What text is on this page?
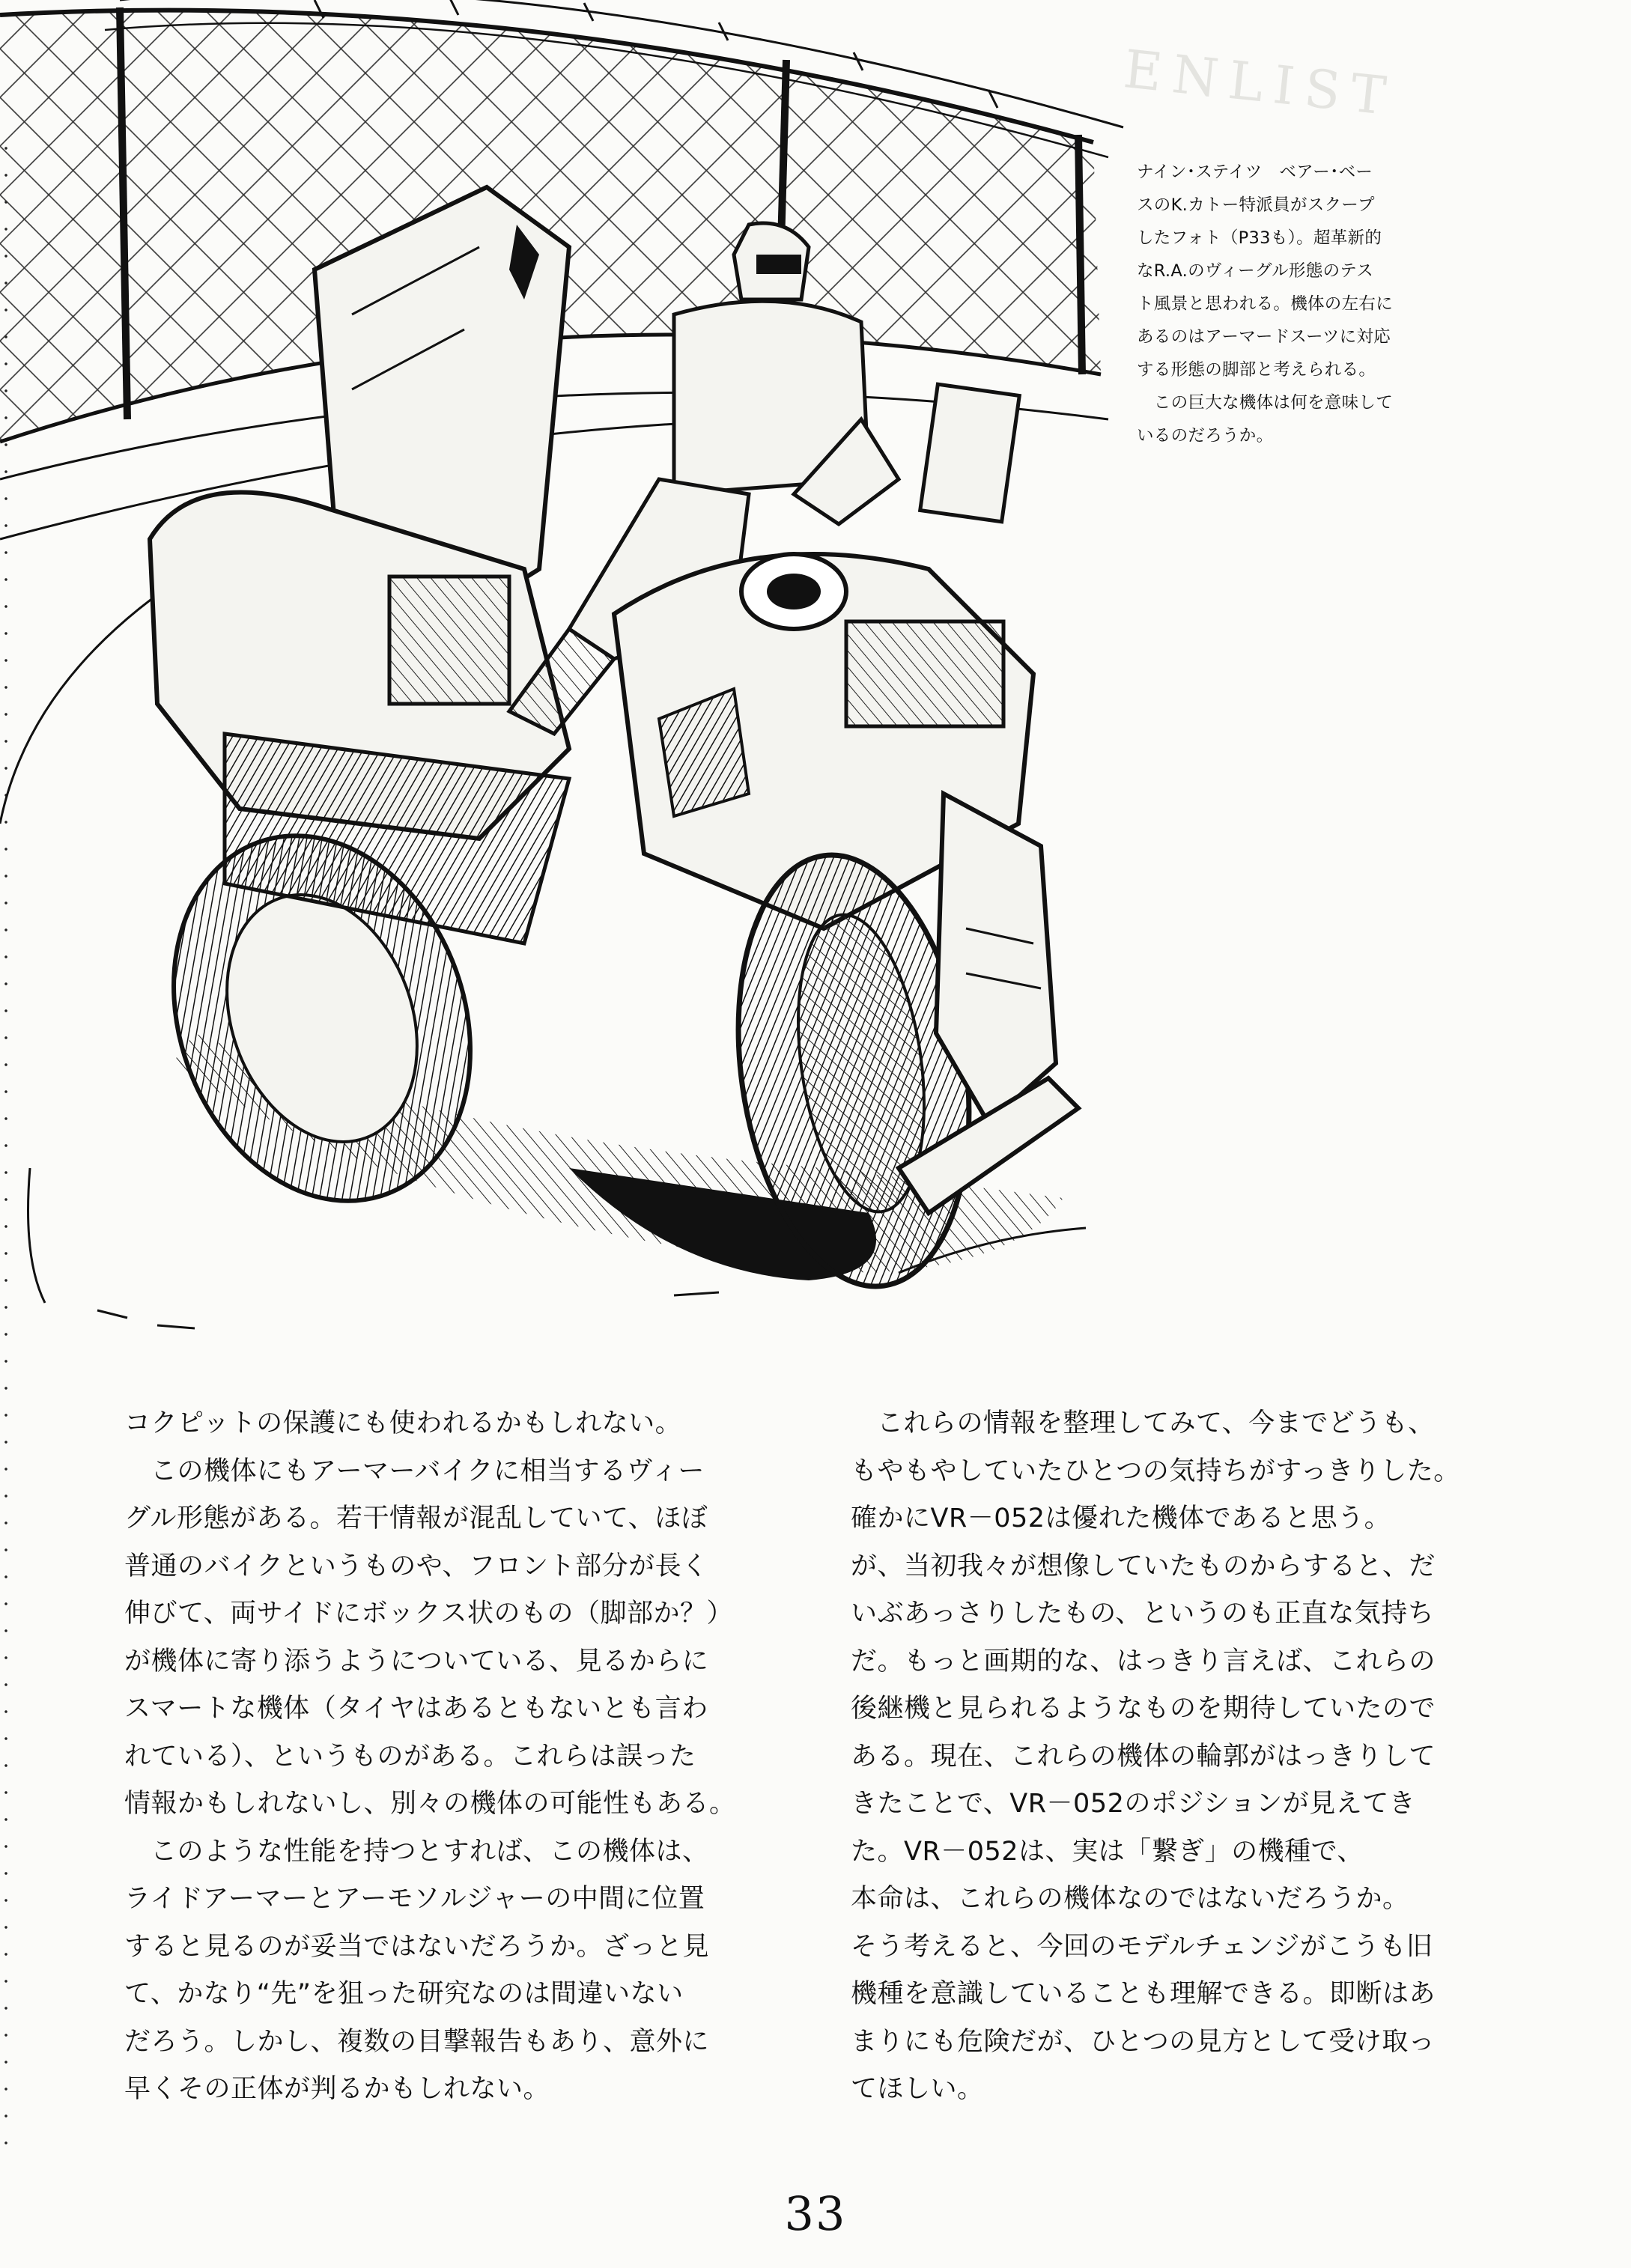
ENLIST

ナイン･ステイツ　ベアー･ベー
スのK.カトー特派員がスクープ
したフォト（P33も）。超革新的
なR.A.のヴィーグル形態のテス
ト風景と思われる。機体の左右に
あるのはアーマードスーツに対応
する形態の脚部と考えられる。
　この巨大な機体は何を意味して
いるのだろうか。

コクピットの保護にも使われるかもしれない。

この機体にもアーマーバイクに相当するヴィー
グル形態がある。若干情報が混乱していて、ほぼ
普通のバイクというものや、フロント部分が長く
伸びて、両サイドにボックス状のもの（脚部か？）
が機体に寄り添うようについている、見るからに
スマートな機体（タイヤはあるともないとも言わ
れている）、というものがある。これらは誤った
情報かもしれないし、別々の機体の可能性もある。

このような性能を持つとすれば、この機体は、
ライドアーマーとアーモソルジャーの中間に位置
すると見るのが妥当ではないだろうか。ざっと見
て、かなり“先”を狙った研究なのは間違いない
だろう。しかし、複数の目撃報告もあり、意外に
早くその正体が判るかもしれない。

これらの情報を整理してみて、今までどうも、
もやもやしていたひとつの気持ちがすっきりした。
確かにVR－052は優れた機体であると思う。
が、当初我々が想像していたものからすると、だ
いぶあっさりしたもの、というのも正直な気持ち
だ。もっと画期的な、はっきり言えば、これらの
後継機と見られるようなものを期待していたので
ある。現在、これらの機体の輪郭がはっきりして
きたことで、VR－052のポジションが見えてき
た。VR－052は、実は「繋ぎ」の機種で、
本命は、これらの機体なのではないだろうか。
そう考えると、今回のモデルチェンジがこうも旧
機種を意識していることも理解できる。即断はあ
まりにも危険だが、ひとつの見方として受け取っ
てほしい。

33
